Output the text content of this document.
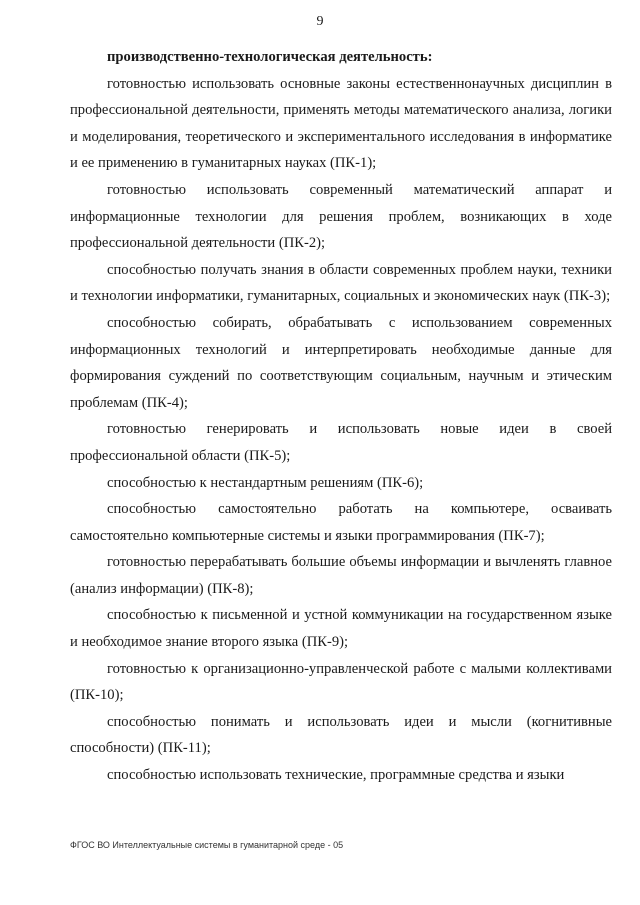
9

производственно-технологическая деятельность:

готовностью использовать основные законы естественнонаучных дисциплин в профессиональной деятельности, применять методы математического анализа, логики и моделирования, теоретического и экспериментального исследования в информатике и ее применению в гуманитарных науках (ПК-1);

готовностью использовать современный математический аппарат и информационные технологии для решения проблем, возникающих в ходе профессиональной деятельности (ПК-2);

способностью получать знания в области современных проблем науки, техники и технологии информатики, гуманитарных, социальных и экономических наук (ПК-3);

способностью собирать, обрабатывать с использованием современных информационных технологий и интерпретировать необходимые данные для формирования суждений по соответствующим социальным, научным и этическим проблемам (ПК-4);

готовностью генерировать и использовать новые идеи в своей профессиональной области (ПК-5);

способностью к нестандартным решениям (ПК-6);

способностью самостоятельно работать на компьютере, осваивать самостоятельно компьютерные системы и языки программирования (ПК-7);

готовностью перерабатывать большие объемы информации и вычленять главное (анализ информации) (ПК-8);

способностью к письменной и устной коммуникации на государственном языке и необходимое знание второго языка (ПК-9);

готовностью к организационно-управленческой работе с малыми коллективами (ПК-10);

способностью понимать и использовать идеи и мысли (когнитивные способности) (ПК-11);

способностью использовать технические, программные средства и языки

ФГОС ВО Интеллектуальные системы в гуманитарной среде - 05
